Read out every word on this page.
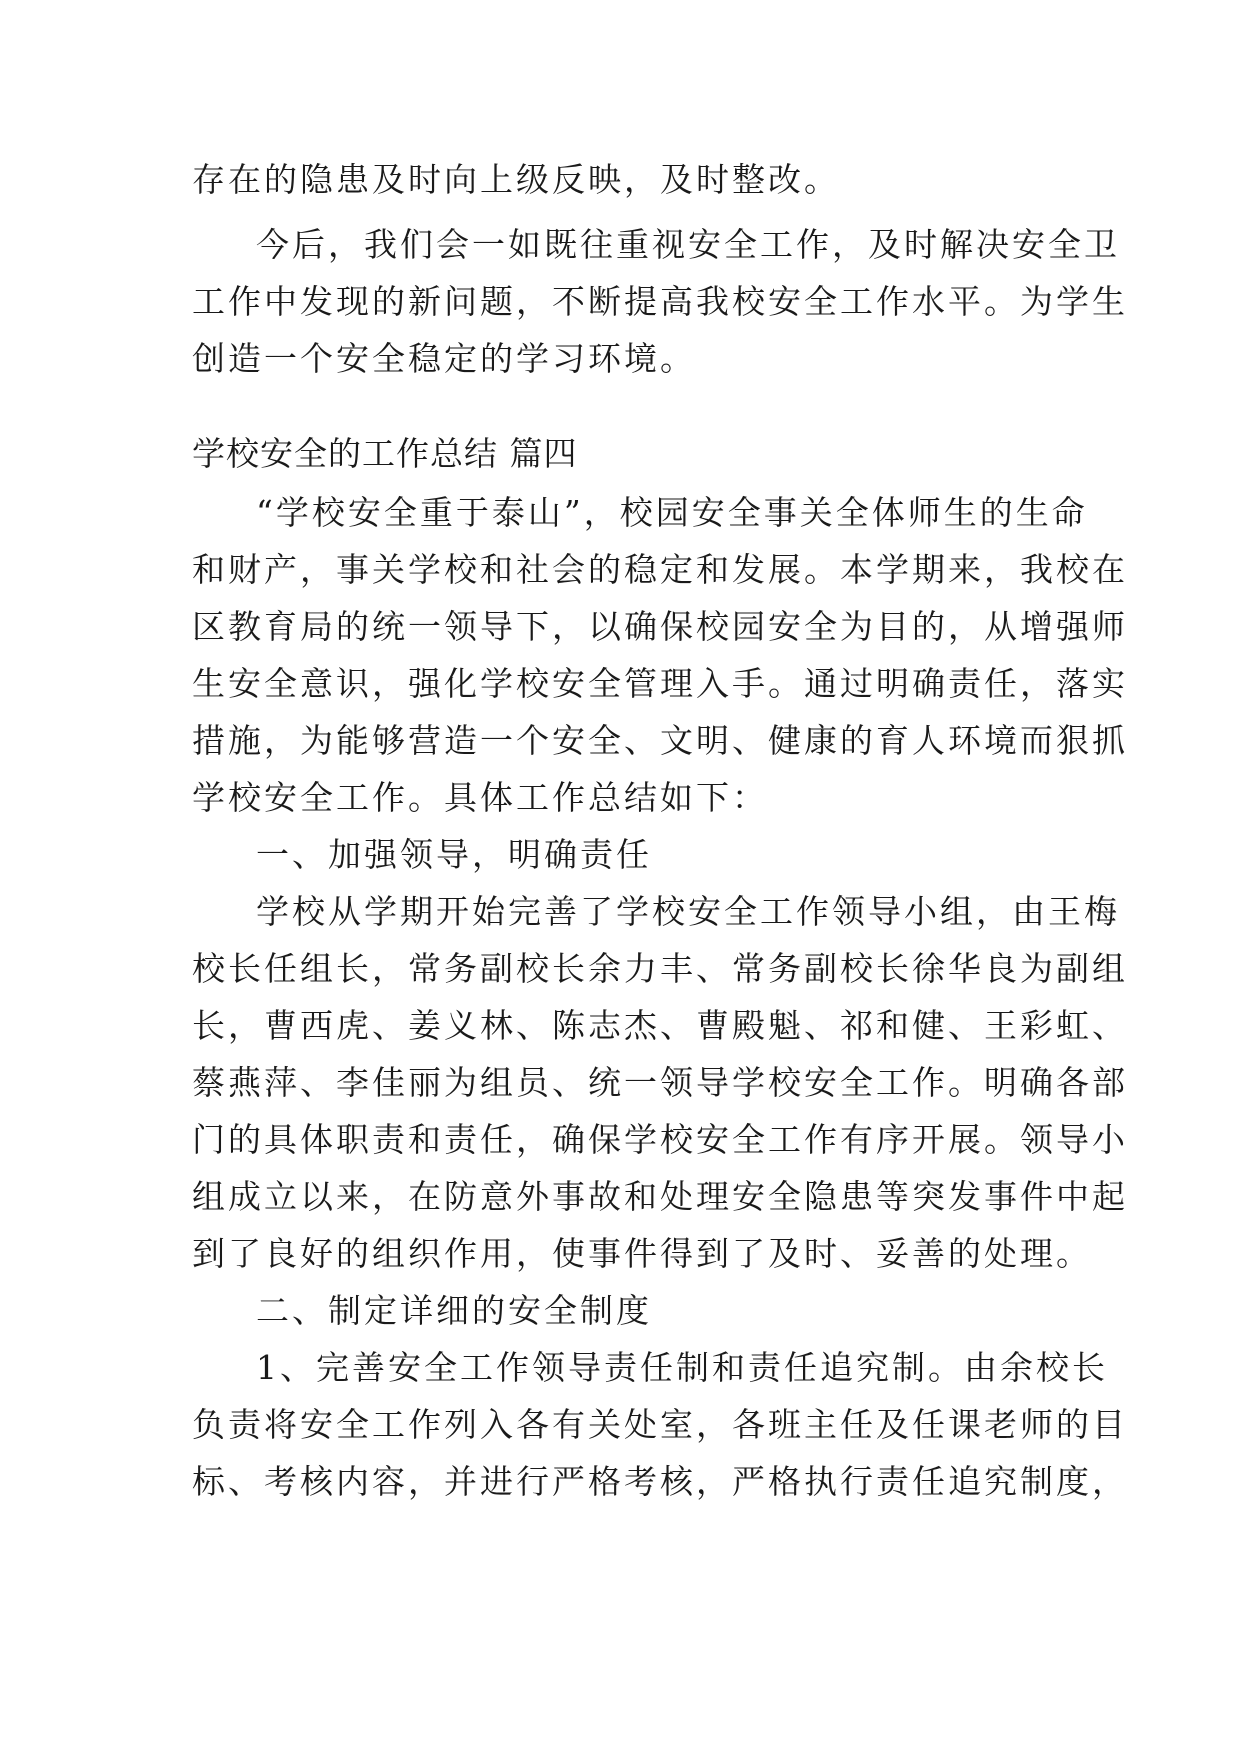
存在的隐患及时向上级反映，及时整改。
今后，我们会一如既往重视安全工作，及时解决安全卫
工作中发现的新问题，不断提高我校安全工作水平。为学生
创造一个安全稳定的学习环境。
学校安全的工作总结 篇四
“学校安全重于泰山”，校园安全事关全体师生的生命
和财产，事关学校和社会的稳定和发展。本学期来，我校在
区教育局的统一领导下，以确保校园安全为目的，从增强师
生安全意识，强化学校安全管理入手。通过明确责任，落实
措施，为能够营造一个安全、文明、健康的育人环境而狠抓
学校安全工作。具体工作总结如下：
一、加强领导，明确责任
学校从学期开始完善了学校安全工作领导小组，由王梅
校长任组长，常务副校长余力丰、常务副校长徐华良为副组
长，曹西虎、姜义林、陈志杰、曹殿魁、祁和健、王彩虹、
蔡燕萍、李佳丽为组员、统一领导学校安全工作。明确各部
门的具体职责和责任，确保学校安全工作有序开展。领导小
组成立以来，在防意外事故和处理安全隐患等突发事件中起
到了良好的组织作用，使事件得到了及时、妥善的处理。
二、制定详细的安全制度
1、完善安全工作领导责任制和责任追究制。由余校长
负责将安全工作列入各有关处室，各班主任及任课老师的目
标、考核内容，并进行严格考核，严格执行责任追究制度，
